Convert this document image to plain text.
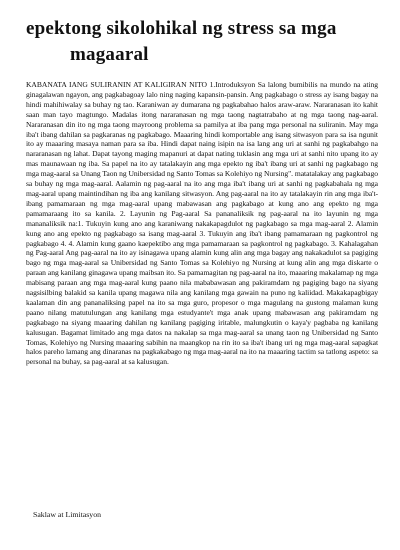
epektong sikolohikal ng stress sa mga
magaaral

KABANATA IANG SULIRANIN AT KALIGIRAN NITO 1.Introduksyon Sa lalong bumibilis na mundo na ating ginagalawan ngayon, ang pagkabagoay lalo ning naging kapansin-pansin. Ang pagkabago o stress ay isang bagay na hindi mahihiwalay sa buhay ng tao. Karaniwan ay dumarana ng pagkabahao halos araw-araw. Nararanasan ito kahit saan man tayo magtungo. Madalas itong nararanasan ng mga taong nagtatrabaho at ng mga taong nag-aaral. Nararanasan din ito ng mga taong mayroong problema sa pamilya at iba pang mga personal na suliranin. May mga iba't ibang dahilan sa pagkaranas ng pagkabago. Maaaring hindi komportable ang isang sitwasyon para sa isa ngunit ito ay maaaring masaya naman para sa iba. Hindi dapat naing isipin na isa lang ang uri at sanhi ng pagkabahgo na nararanasan ng lahat. Dapat tayong maging mapanuri at dapat nating tuklasin ang mga uri at sanhi nito upang ito ay mas maunawaan ng iba. Sa papel na ito ay tatalakayin ang mga epekto ng iba't ibang uri at sanhi ng pagkabago ng mga mag-aaral sa Unang Taon ng Unibersidad ng Santo Tomas sa Kolehiyo ng Nursing". matatalakay ang pagkabago sa buhay ng mga mag-aaral. Aalamin ng pag-aaral na ito ang mga iba't ibang uri at sanhi ng pagkabahala ng mga mag-aaral upang maintindihan ng iba ang kanilang sitwasyon. Ang pag-aaral na ito ay tatalakayin rin ang mga iba't-ibang pamamaraan ng mga mag-aaral upang mabawasan ang pagkabago at kung ano ang epekto ng mga pamamaraang ito sa kanila. 2. Layunin ng Pag-aaral Sa pananaliksik ng pag-aaral na ito layunin ng mga mananaliksik na:1. Tukuyin kung ano ang karaniwang nakakapagdulot ng pagkabago sa mga mag-aaral 2. Alamin kung ano ang epekto ng pagkabago sa isang mag-aaral 3. Tukuyin ang iba't ibang pamamaraan ng pagkontrol ng pagkabago 4. 4. Alamin kung gaano kaepektibo ang mga pamamaraan sa pagkontrol ng pagkabago. 3. Kahalagahan ng Pag-aaral Ang pag-aaral na ito ay isinagawa upang alamin kung alin ang mga bagay ang nakakadulot sa pagiging bago ng mga mag-aaral sa Unibersidad ng Santo Tomas sa Kolehiyo ng Nursing at kung alin ang mga diskarte o paraan ang kanilang ginagawa upang maibsan ito. Sa pamamagitan ng pag-aaral na ito, maaaring makalamap ng mga mabisang paraan ang mga mag-aaral kung paano nila mababawasan ang pakiramdam ng pagiging bago na siyang nagsisilbing balakid sa kanila upang magawa nila ang kanilang mga gawain na puno ng kaliidad. Makakapagbigay kaalaman din ang pananaliksing papel na ito sa mga guro, propesor o mga magulang na gustong malaman kung paano nilang matutulungan ang kanilang mga estudyante't mga anak upang mabawasan ang pakiramdam ng pagkabago na siyang maaaring dahilan ng kanilang pagiging iritable, malungkutin o kaya'y pagbaba ng kanilang kalusugan. Bagamat limitado ang mga datos na nakalap sa mga mag-aaral sa unang taon ng Unibersidad ng Santo Tomas, Kolehiyo ng Nursing maaaring sabihin na maangkop na rin ito sa iba't ibang uri ng mga mag-aaral sapagkat halos pareho lamang ang dinaranas na pagkakabago ng mga mag-aaral na ito na maaaring tactim sa tatlong aspeto: sa personal na buhay, sa pag-aaral at sa kalusugan.

Saklaw at Limitasyon
